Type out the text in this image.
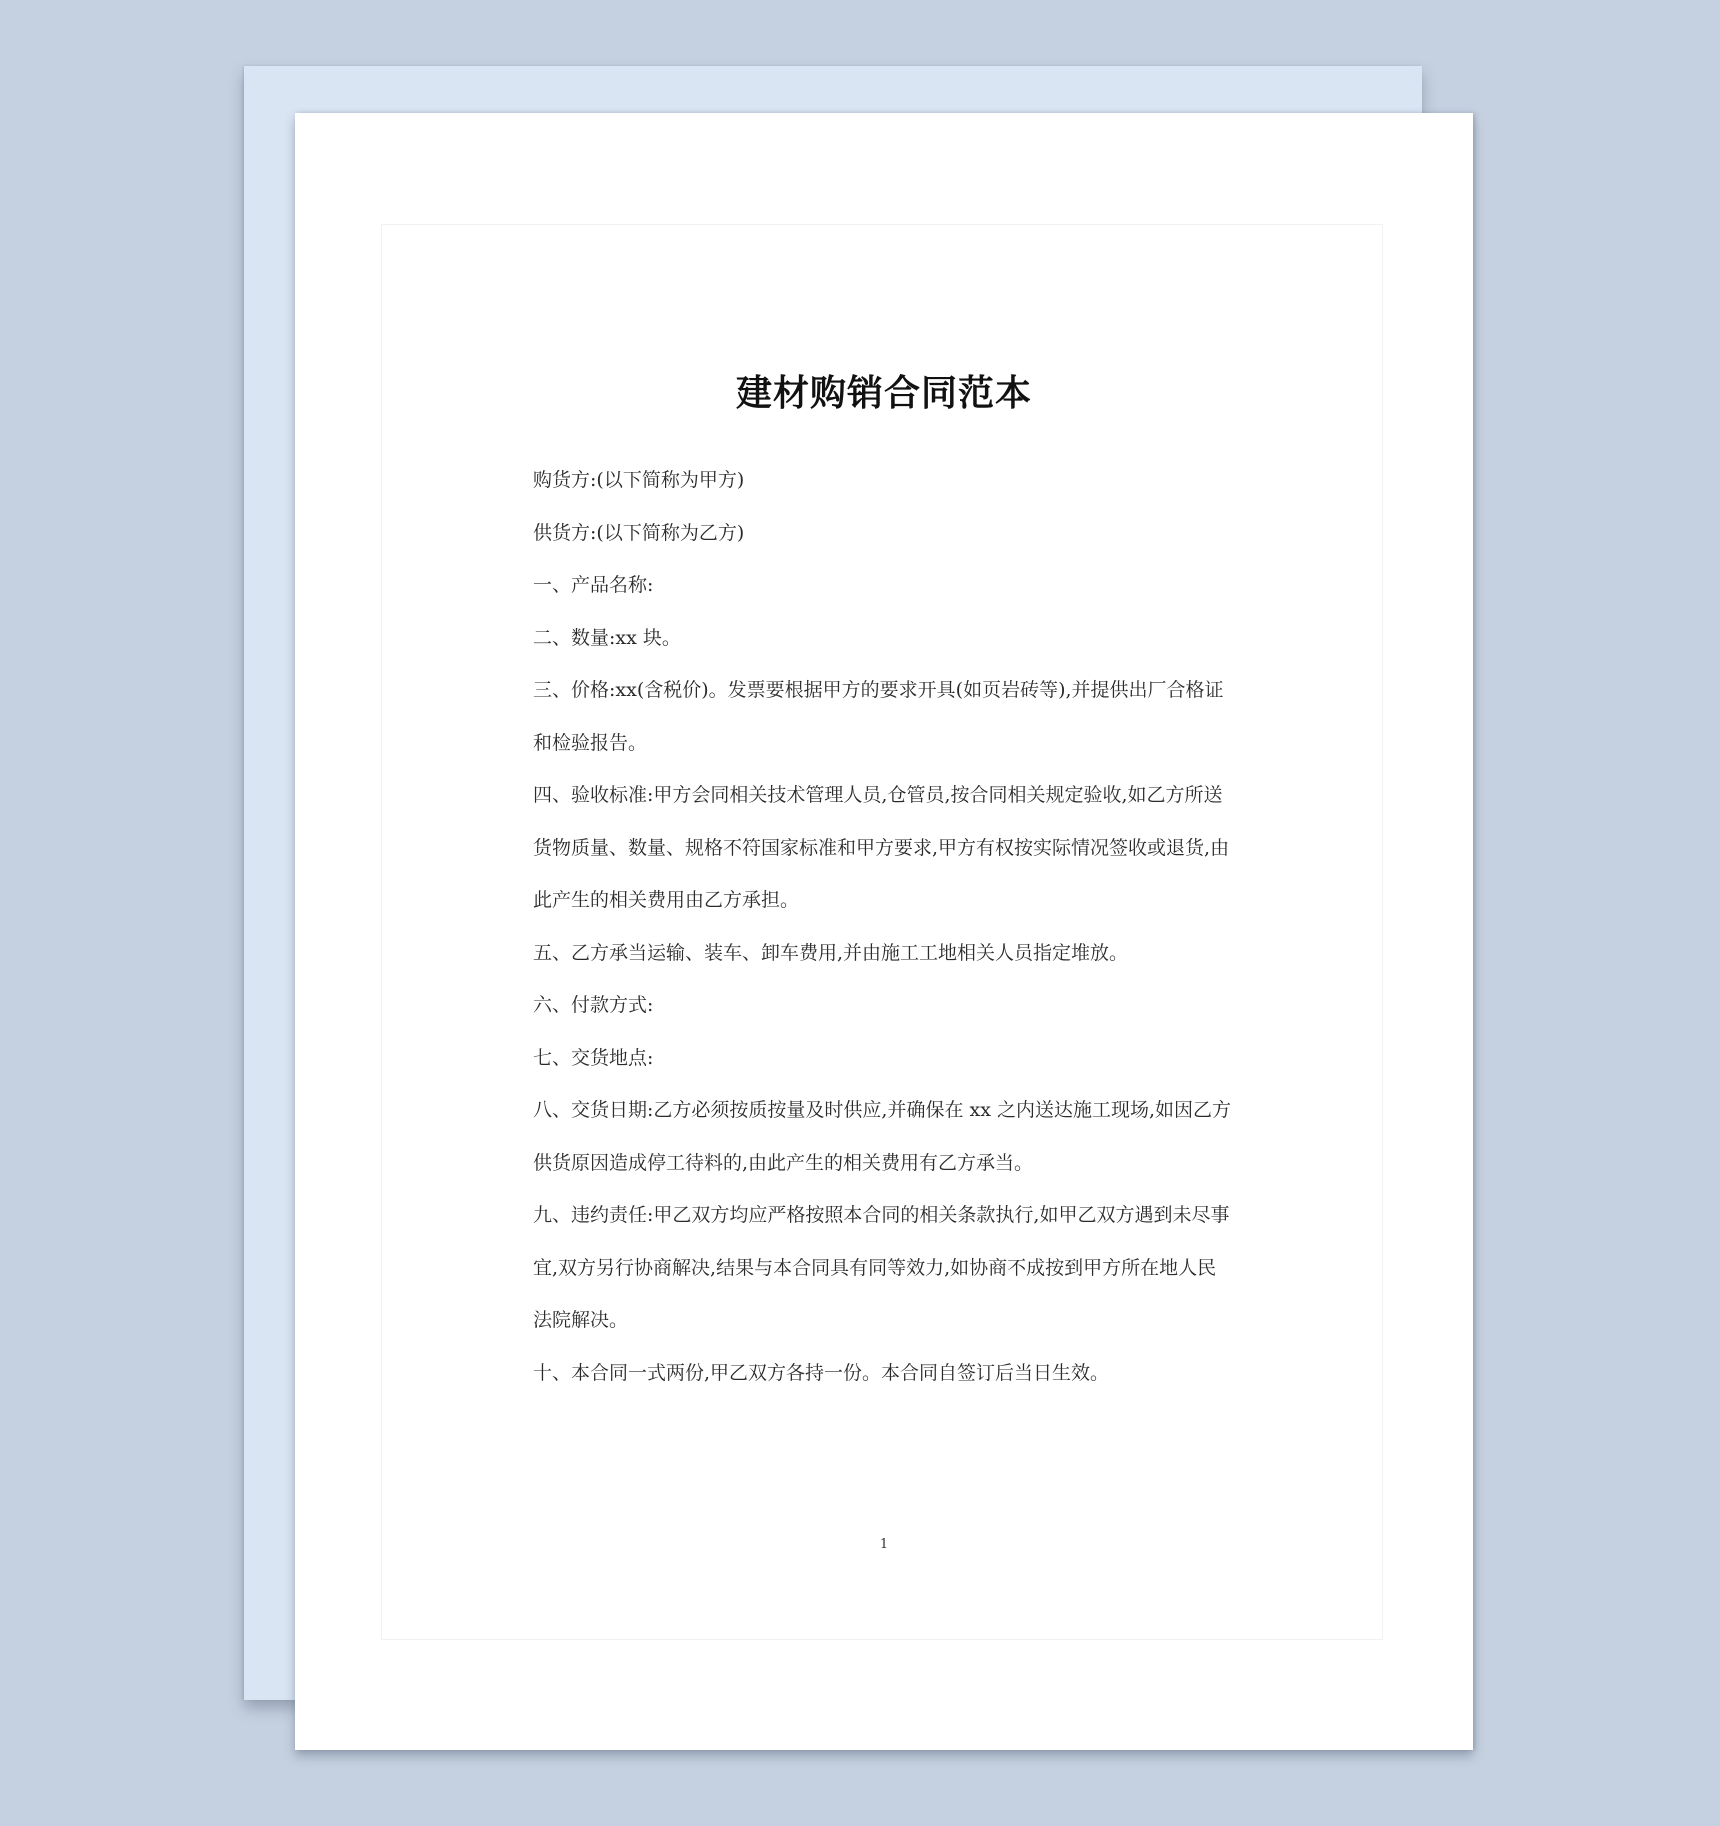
建材购销合同范本

购货方:(以下简称为甲方)

供货方:(以下简称为乙方)

一、产品名称:

二、数量:xx 块。

三、价格:xx(含税价)。发票要根据甲方的要求开具(如页岩砖等),并提供出厂合格证和检验报告。

四、验收标准:甲方会同相关技术管理人员,仓管员,按合同相关规定验收,如乙方所送货物质量、数量、规格不符国家标准和甲方要求,甲方有权按实际情况签收或退货,由此产生的相关费用由乙方承担。

五、乙方承当运输、装车、卸车费用,并由施工工地相关人员指定堆放。

六、付款方式:

七、交货地点:

八、交货日期:乙方必须按质按量及时供应,并确保在 xx 之内送达施工现场,如因乙方供货原因造成停工待料的,由此产生的相关费用有乙方承当。

九、违约责任:甲乙双方均应严格按照本合同的相关条款执行,如甲乙双方遇到未尽事宜,双方另行协商解决,结果与本合同具有同等效力,如协商不成按到甲方所在地人民法院解决。

十、本合同一式两份,甲乙双方各持一份。本合同自签订后当日生效。

1
